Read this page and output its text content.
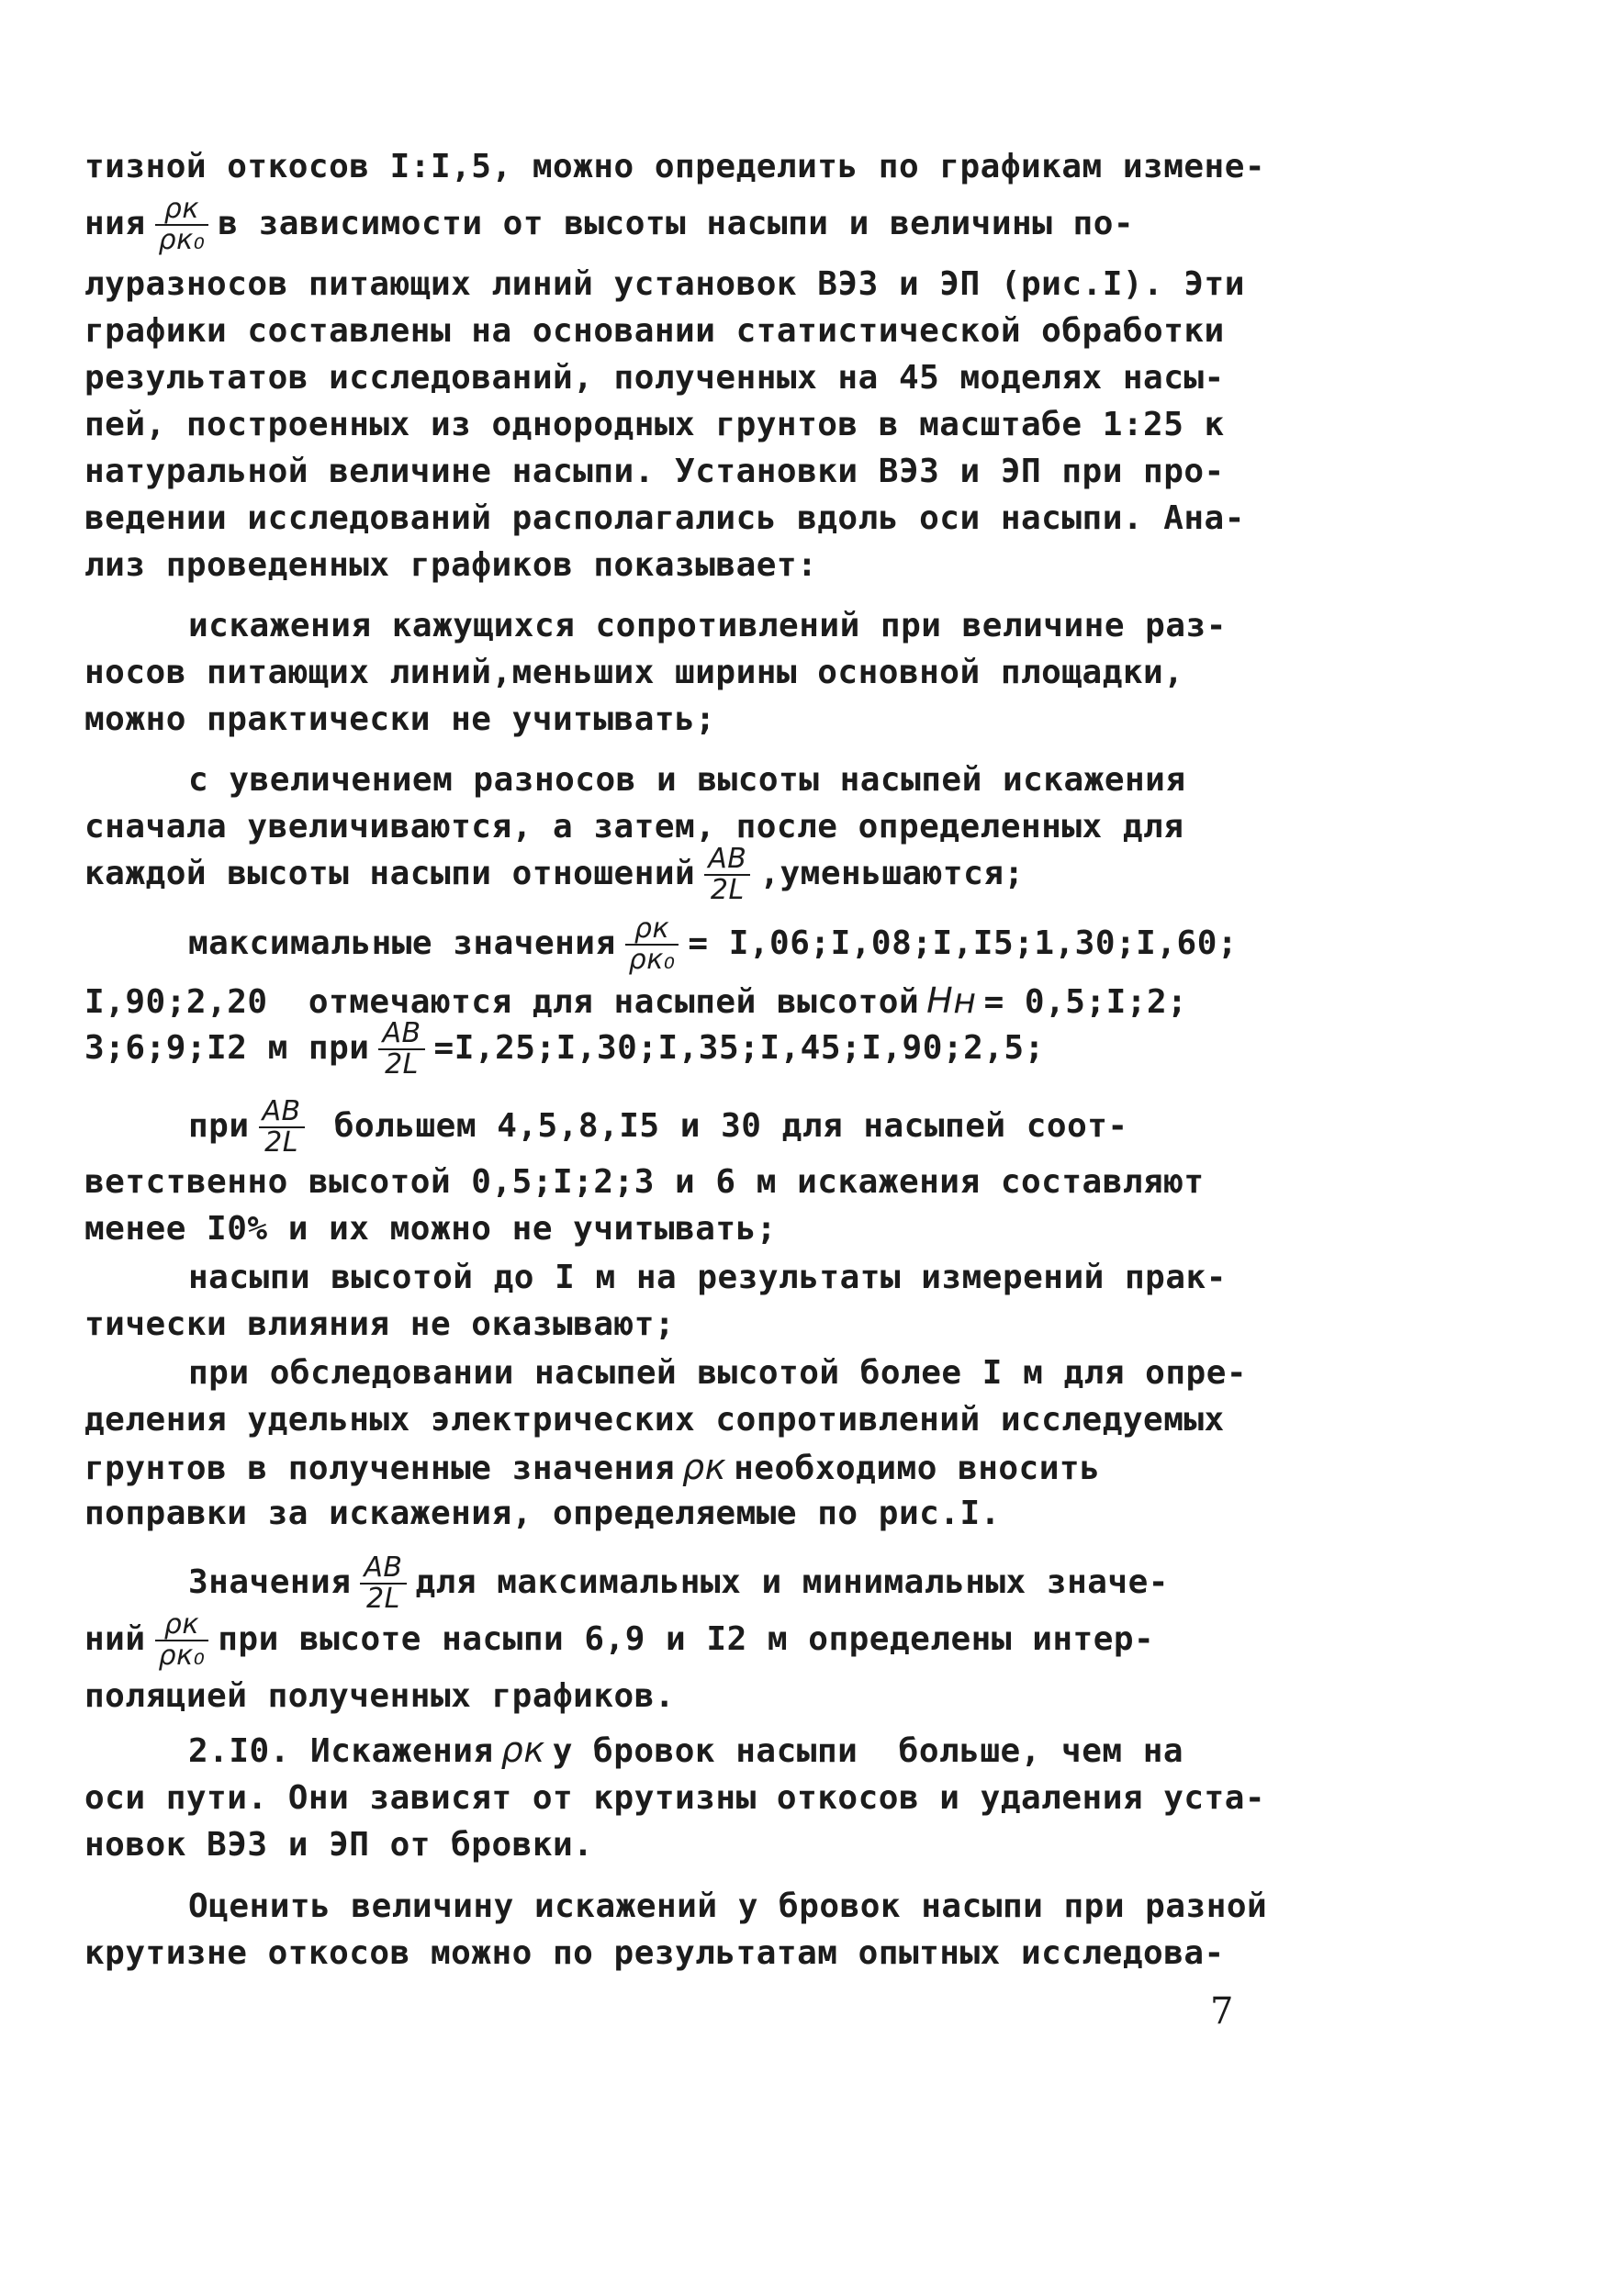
тизной откосов I:I,5, можно определить по графикам измене-
ния $\frac{\rho к}{\text{ρк₀}}$ в зависимости от высоты насыпи и величины по-
луразносов питающих линий установок ВЭЗ и ЭП (рис.I). Эти
графики составлены на основании статистической обработки
результатов исследований, полученных на 45 моделях насы-
пей, построенных из однородных грунтов в масштабе 1:25 к
натуральной величине насыпи. Установки ВЭЗ и ЭП при про-
ведении исследований располагались вдоль оси насыпи. Ана-
лиз проведенных графиков показывает:
искажения кажущихся сопротивлений при величине раз-
носов питающих линий,меньших ширины основной площадки,
можно практически не учитывать;
с увеличением разносов и высоты насыпей искажения
сначала увеличиваются, а затем, после определенных для
каждой высоты насыпи отношений $\frac{AB}{2L}$ ,уменьшаются;
максимальные значения $\frac{\rho к}{\text{ρк₀}}$ = I,06;I,08;I,I5;1,30;I,60;
I,90;2,20  отмечаются для насыпей высотой Hн = 0,5;I;2;
3;6;9;I2 м при $\frac{AB}{2L}$ =I,25;I,30;I,35;I,45;I,90;2,5;
при $\frac{AB}{2L}$ большем 4,5,8,I5 и 30 для насыпей соот-
ветственно высотой 0,5;I;2;3 и 6 м искажения составляют
менее I0% и их можно не учитывать;
насыпи высотой до I м на результаты измерений прак-
тически влияния не оказывают;
при обследовании насыпей высотой более I м для опре-
деления удельных электрических сопротивлений исследуемых
грунтов в полученные значения ρк необходимо вносить
поправки за искажения, определяемые по рис.I.
Значения $\frac{AB}{2L}$ для максимальных и минимальных значе-
ний $\frac{\rho к}{\text{ρк₀}}$ при высоте насыпи 6,9 и I2 м определены интер-
поляцией полученных графиков.
2.I0. Искажения ρк у бровок насыпи  больше, чем на
оси пути. Они зависят от крутизны откосов и удаления уста-
новок ВЭЗ и ЭП от бровки.
Оценить величину искажений у бровок насыпи при разной
крутизне откосов можно по результатам опытных исследова-
7
